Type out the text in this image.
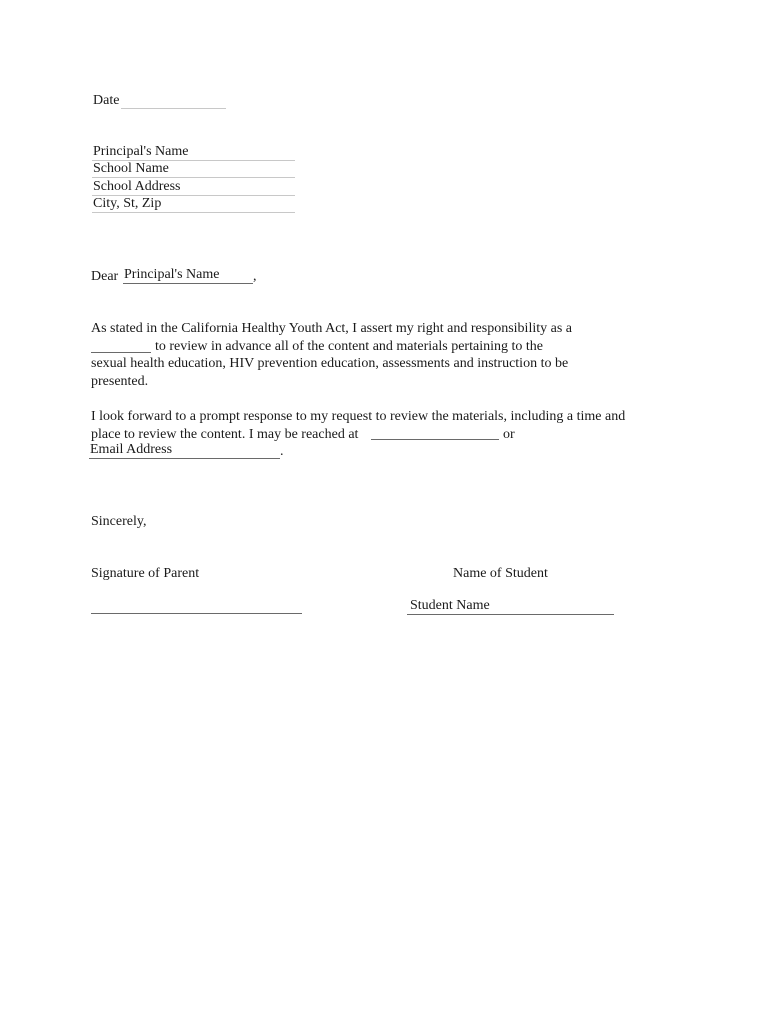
Date
Principal's Name
School Name
School Address
City, St, Zip
Dear Principal's Name	,
As stated in the California Healthy Youth Act, I assert my right and responsibility as a
to review in advance all of the content and materials pertaining to the
sexual health education, HIV prevention education, assessments and instruction to be
presented.
I look forward to a prompt response to my request to review the materials, including a time and
place to review the content. I may be reached at	or
Email Address	.
Sincerely,
Signature of Parent	Name of Student
Student Name
